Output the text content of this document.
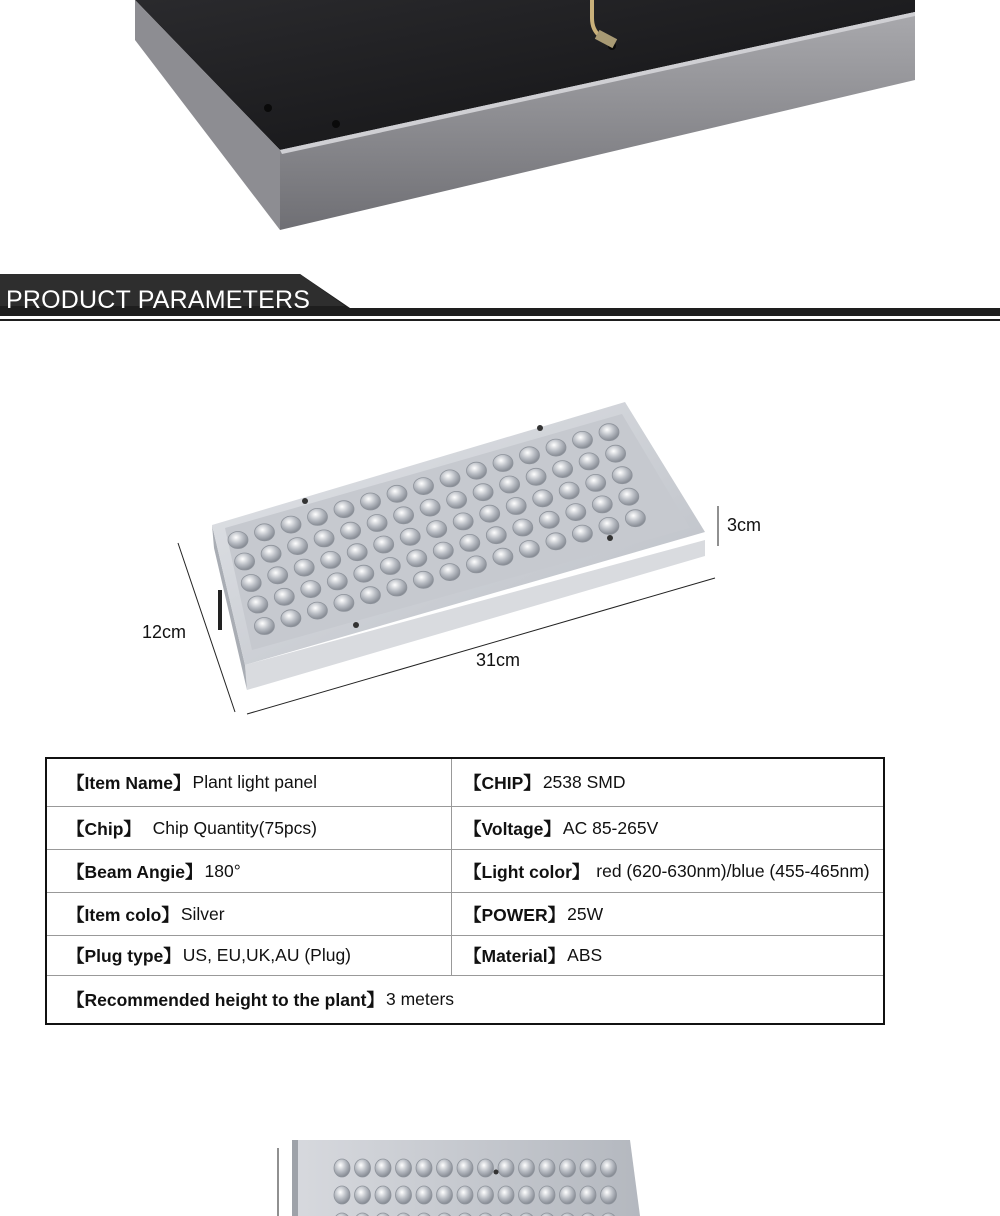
PRODUCT PARAMETERS
3cm
12cm
31cm
【Item Name】 Plant light panel	【CHIP】 2538 SMD
【Chip】 Chip Quantity(75pcs)	【Voltage】 AC 85-265V
【Beam Angie】 180°	【Light color】 red (620-630nm)/blue (455-465nm)
【Item colo】 Silver	【POWER】 25W
【Plug type】 US, EU,UK,AU (Plug)	【Material】 ABS
【Recommended height to the plant】 3 meters
